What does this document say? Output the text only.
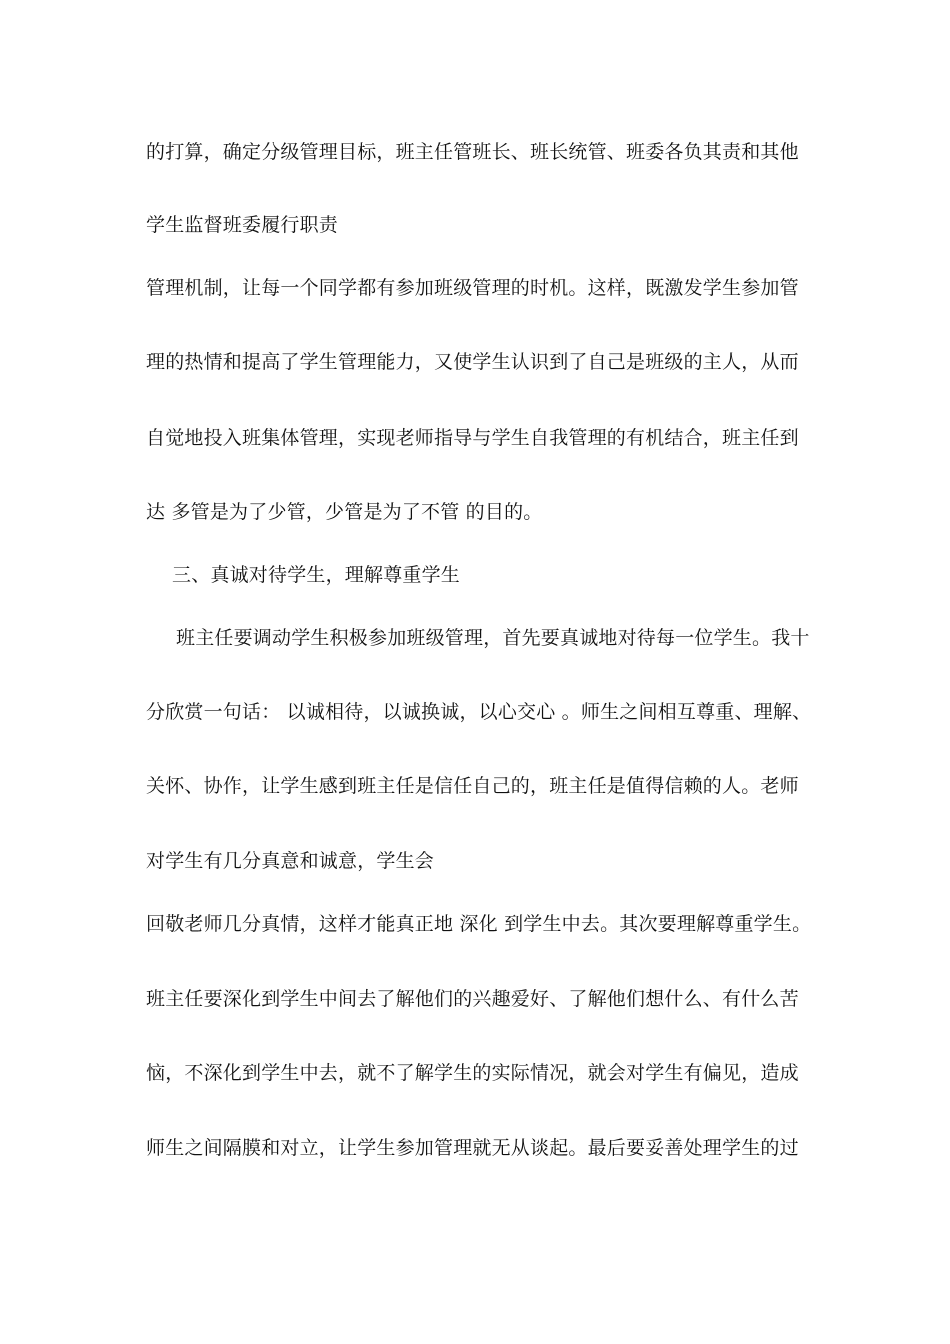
的打算，确定分级管理目标，班主任管班长、班长统管、班委各负其责和其他
学生监督班委履行职责
管理机制，让每一个同学都有参加班级管理的时机。这样，既激发学生参加管
理的热情和提高了学生管理能力，又使学生认识到了自己是班级的主人，从而
自觉地投入班集体管理，实现老师指导与学生自我管理的有机结合，班主任到
达 多管是为了少管，少管是为了不管 的目的。
三、真诚对待学生，理解尊重学生
班主任要调动学生积极参加班级管理，首先要真诚地对待每一位学生。我十
分欣赏一句话： 以诚相待，以诚换诚，以心交心 。师生之间相互尊重、理解、
关怀、协作，让学生感到班主任是信任自己的，班主任是值得信赖的人。老师
对学生有几分真意和诚意，学生会
回敬老师几分真情，这样才能真正地 深化 到学生中去。其次要理解尊重学生。
班主任要深化到学生中间去了解他们的兴趣爱好、了解他们想什么、有什么苦
恼，不深化到学生中去，就不了解学生的实际情况，就会对学生有偏见，造成
师生之间隔膜和对立，让学生参加管理就无从谈起。最后要妥善处理学生的过
